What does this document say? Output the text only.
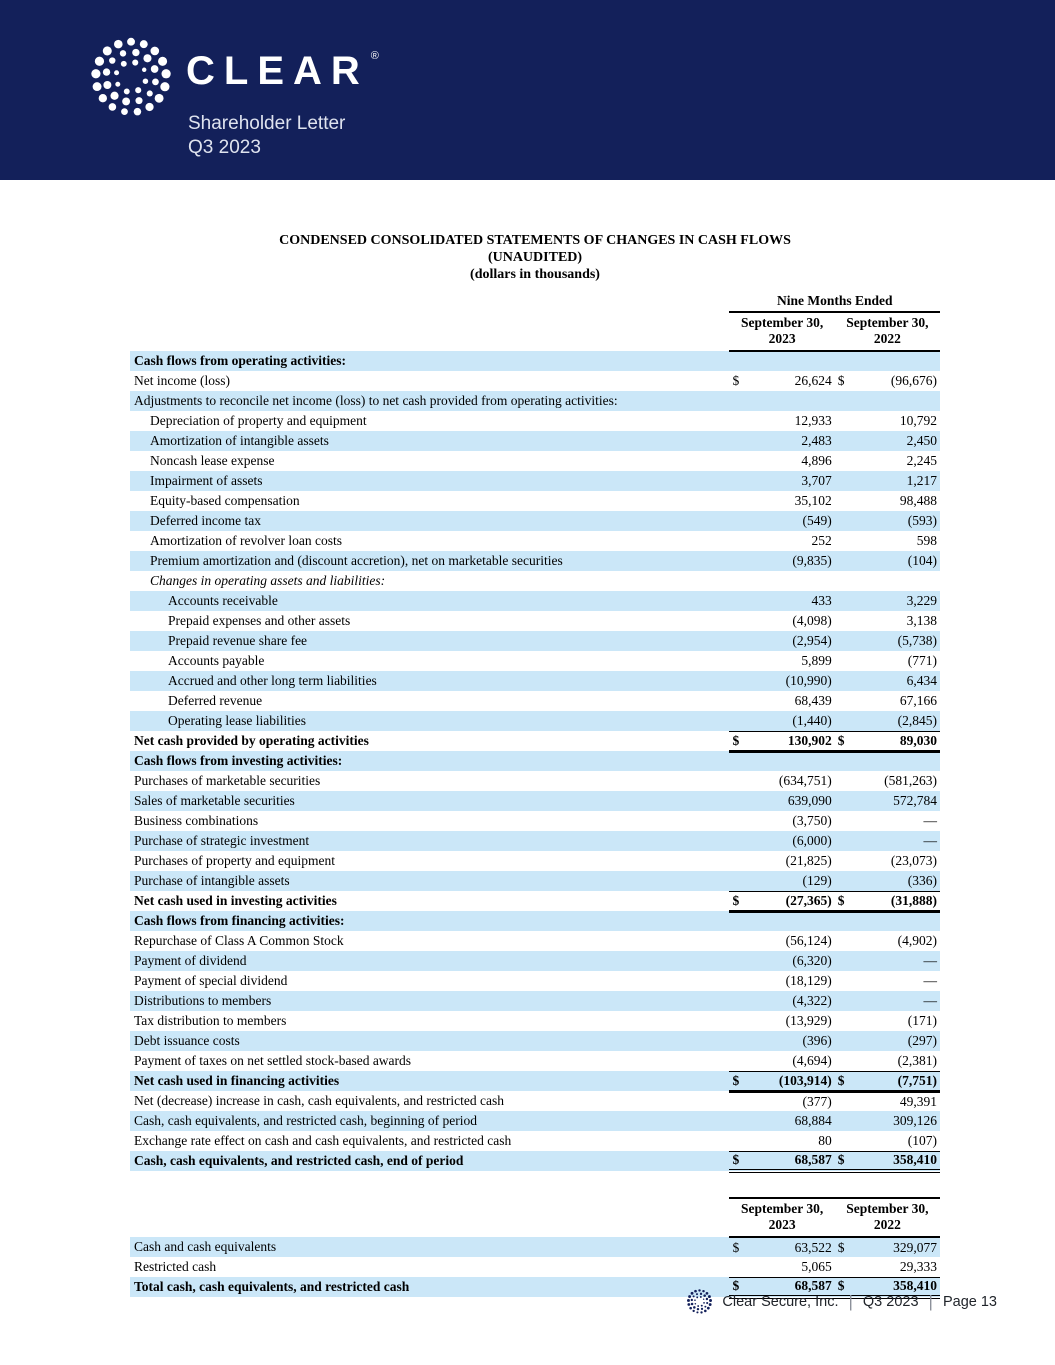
CLEAR ®
Shareholder Letter
Q3 2023
CONDENSED CONSOLIDATED STATEMENTS OF CHANGES IN CASH FLOWS
(UNAUDITED)
(dollars in thousands)
	Nine Months Ended			
	September 30, 2023		September 30, 2022	
Cash flows from operating activities:				
Net income (loss)	$	26,624	$	(96,676)
Adjustments to reconcile net income (loss) to net cash provided from operating activities:				
Depreciation of property and equipment		12,933		10,792
Amortization of intangible assets		2,483		2,450
Noncash lease expense		4,896		2,245
Impairment of assets		3,707		1,217
Equity-based compensation		35,102		98,488
Deferred income tax		(549)		(593)
Amortization of revolver loan costs		252		598
Premium amortization and (discount accretion), net on marketable securities		(9,835)		(104)
Changes in operating assets and liabilities:				
Accounts receivable		433		3,229
Prepaid expenses and other assets		(4,098)		3,138
Prepaid revenue share fee		(2,954)		(5,738)
Accounts payable		5,899		(771)
Accrued and other long term liabilities		(10,990)		6,434
Deferred revenue		68,439		67,166
Operating lease liabilities		(1,440)		(2,845)
Net cash provided by operating activities	$	130,902	$	89,030
Cash flows from investing activities:				
Purchases of marketable securities		(634,751)		(581,263)
Sales of marketable securities		639,090		572,784
Business combinations		(3,750)		—
Purchase of strategic investment		(6,000)		—
Purchases of property and equipment		(21,825)		(23,073)
Purchase of intangible assets		(129)		(336)
Net cash used in investing activities	$	(27,365)	$	(31,888)
Cash flows from financing activities:				
Repurchase of Class A Common Stock		(56,124)		(4,902)
Payment of dividend		(6,320)		—
Payment of special dividend		(18,129)		—
Distributions to members		(4,322)		—
Tax distribution to members		(13,929)		(171)
Debt issuance costs		(396)		(297)
Payment of taxes on net settled stock-based awards		(4,694)		(2,381)
Net cash used in financing activities	$	(103,914)	$	(7,751)
Net (decrease) increase in cash, cash equivalents, and restricted cash		(377)		49,391
Cash, cash equivalents, and restricted cash, beginning of period		68,884		309,126
Exchange rate effect on cash and cash equivalents, and restricted cash		80		(107)
Cash, cash equivalents, and restricted cash, end of period	$	68,587	$	358,410
	September 30, 2023		September 30, 2022	
Cash and cash equivalents	$	63,522	$	329,077
Restricted cash		5,065		29,333
Total cash, cash equivalents, and restricted cash	$	68,587	$	358,410
Clear Secure, Inc. | Q3 2023 | Page 13
